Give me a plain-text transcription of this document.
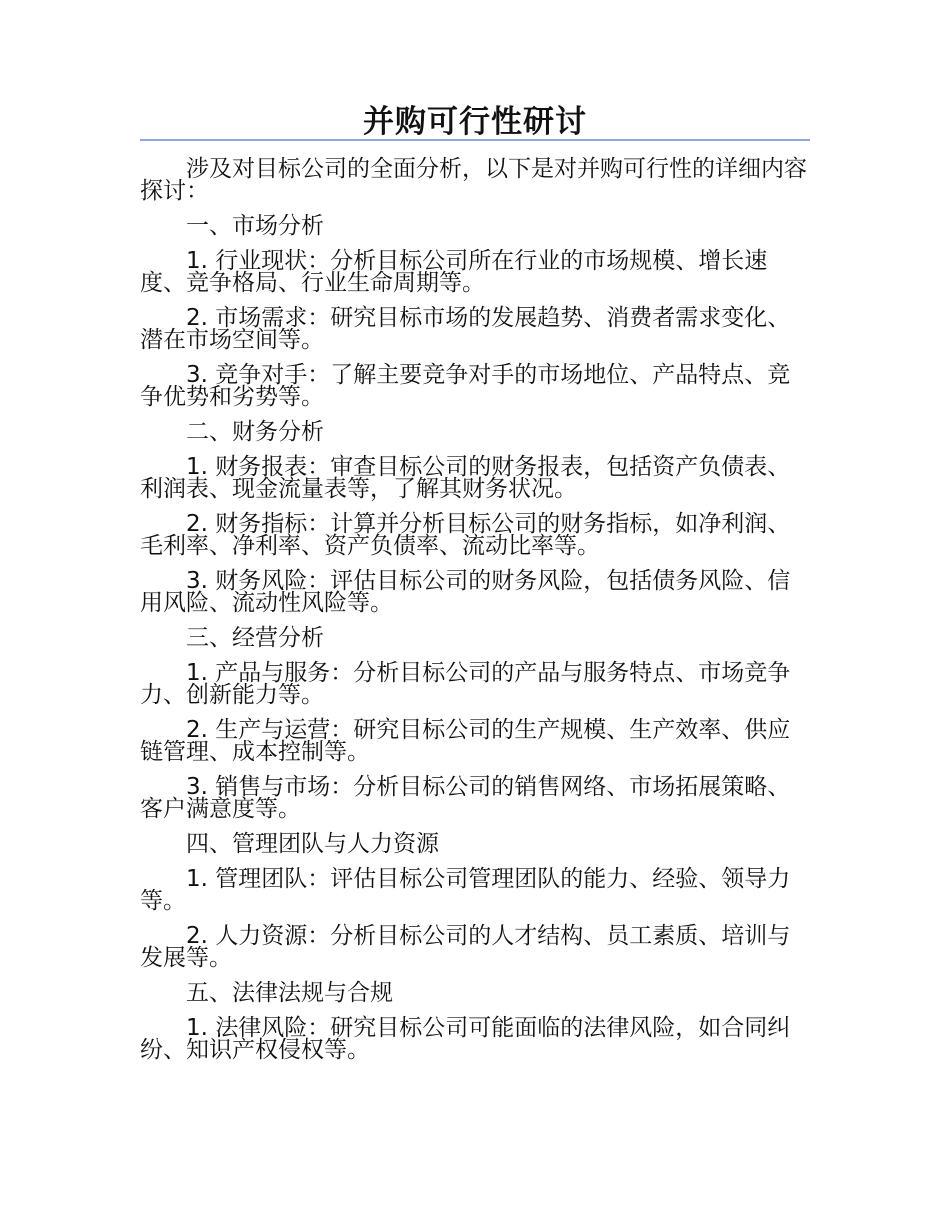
并购可行性研讨

涉及对目标公司的全面分析，以下是对并购可行性的详细内容探讨：

一、市场分析

1. 行业现状：分析目标公司所在行业的市场规模、增长速度、竞争格局、行业生命周期等。

2. 市场需求：研究目标市场的发展趋势、消费者需求变化、潜在市场空间等。

3. 竞争对手：了解主要竞争对手的市场地位、产品特点、竞争优势和劣势等。

二、财务分析

1. 财务报表：审查目标公司的财务报表，包括资产负债表、利润表、现金流量表等，了解其财务状况。

2. 财务指标：计算并分析目标公司的财务指标，如净利润、毛利率、净利率、资产负债率、流动比率等。

3. 财务风险：评估目标公司的财务风险，包括债务风险、信用风险、流动性风险等。

三、经营分析

1. 产品与服务：分析目标公司的产品与服务特点、市场竞争力、创新能力等。

2. 生产与运营：研究目标公司的生产规模、生产效率、供应链管理、成本控制等。

3. 销售与市场：分析目标公司的销售网络、市场拓展策略、客户满意度等。

四、管理团队与人力资源

1. 管理团队：评估目标公司管理团队的能力、经验、领导力等。

2. 人力资源：分析目标公司的人才结构、员工素质、培训与发展等。

五、法律法规与合规

1. 法律风险：研究目标公司可能面临的法律风险，如合同纠纷、知识产权侵权等。
